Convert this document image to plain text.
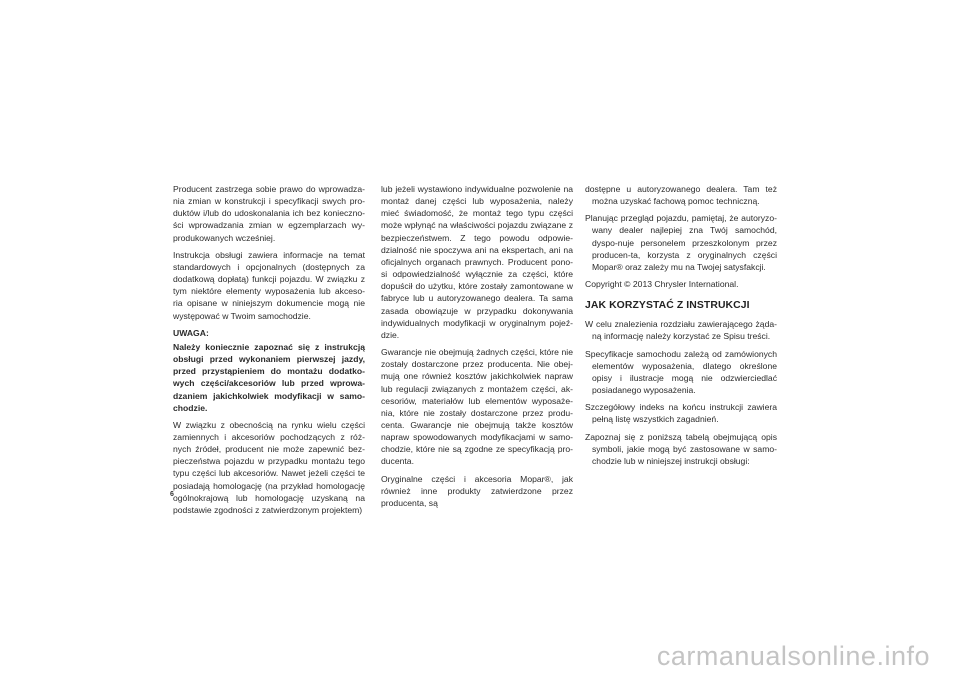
Producent zastrzega sobie prawo do wprowadza-nia zmian w konstrukcji i specyfikacji swych pro-duktów i/lub do udoskonalania ich bez konieczno-ści wprowadzania zmian w egzemplarzach wy-produkowanych wcześniej.

Instrukcja obsługi zawiera informacje na temat standardowych i opcjonalnych (dostępnych za dodatkową dopłatą) funkcji pojazdu. W związku z tym niektóre elementy wyposażenia lub akceso-ria opisane w niniejszym dokumencie mogą nie występować w Twoim samochodzie.

UWAGA:

Należy koniecznie zapoznać się z instrukcją obsługi przed wykonaniem pierwszej jazdy, przed przystąpieniem do montażu dodatko-wych części/akcesoriów lub przed wprowa-dzaniem jakichkolwiek modyfikacji w samo-chodzie.

W związku z obecnością na rynku wielu części zamiennych i akcesoriów pochodzących z róż-nych źródeł, producent nie może zapewnić bez-pieczeństwa pojazdu w przypadku montażu tego typu części lub akcesoriów. Nawet jeżeli części te posiadają homologację (na przykład homologację ogólnokrajową lub homologację uzyskaną na podstawie zgodności z zatwierdzonym projektem)

lub jeżeli wystawiono indywidualne pozwolenie na montaż danej części lub wyposażenia, należy mieć świadomość, że montaż tego typu części może wpłynąć na właściwości pojazdu związane z bezpieczeństwem. Z tego powodu odpowie-dzialność nie spoczywa ani na ekspertach, ani na oficjalnych organach prawnych. Producent pono-si odpowiedzialność wyłącznie za części, które dopuścił do użytku, które zostały zamontowane w fabryce lub u autoryzowanego dealera. Ta sama zasada obowiązuje w przypadku dokonywania indywidualnych modyfikacji w oryginalnym pojeź-dzie.

Gwarancje nie obejmują żadnych części, które nie zostały dostarczone przez producenta. Nie obej-mują one również kosztów jakichkolwiek napraw lub regulacji związanych z montażem części, ak-cesoriów, materiałów lub elementów wyposaże-nia, które nie zostały dostarczone przez produ-centa. Gwarancje nie obejmują także kosztów napraw spowodowanych modyfikacjami w samo-chodzie, które nie są zgodne ze specyfikacją pro-ducenta.

Oryginalne części i akcesoria Mopar®, jak również inne produkty zatwierdzone przez producenta, są

dostępne u autoryzowanego dealera. Tam też można uzyskać fachową pomoc techniczną.

Planując przegląd pojazdu, pamiętaj, że autoryzo-wany dealer najlepiej zna Twój samochód, dyspo-nuje personelem przeszkolonym przez producen-ta, korzysta z oryginalnych części Mopar® oraz zależy mu na Twojej satysfakcji.

Copyright © 2013 Chrysler International.

JAK KORZYSTAĆ Z INSTRUKCJI

W celu znalezienia rozdziału zawierającego żąda-ną informację należy korzystać ze Spisu treści.

Specyfikacje samochodu zależą od zamówionych elementów wyposażenia, dlatego określone opisy i ilustracje mogą nie odzwierciedlać posiadanego wyposażenia.

Szczegółowy indeks na końcu instrukcji zawiera pełną listę wszystkich zagadnień.

Zapoznaj się z poniższą tabelą obejmującą opis symboli, jakie mogą być zastosowane w samo-chodzie lub w niniejszej instrukcji obsługi:

6
carmanualsonline.info
